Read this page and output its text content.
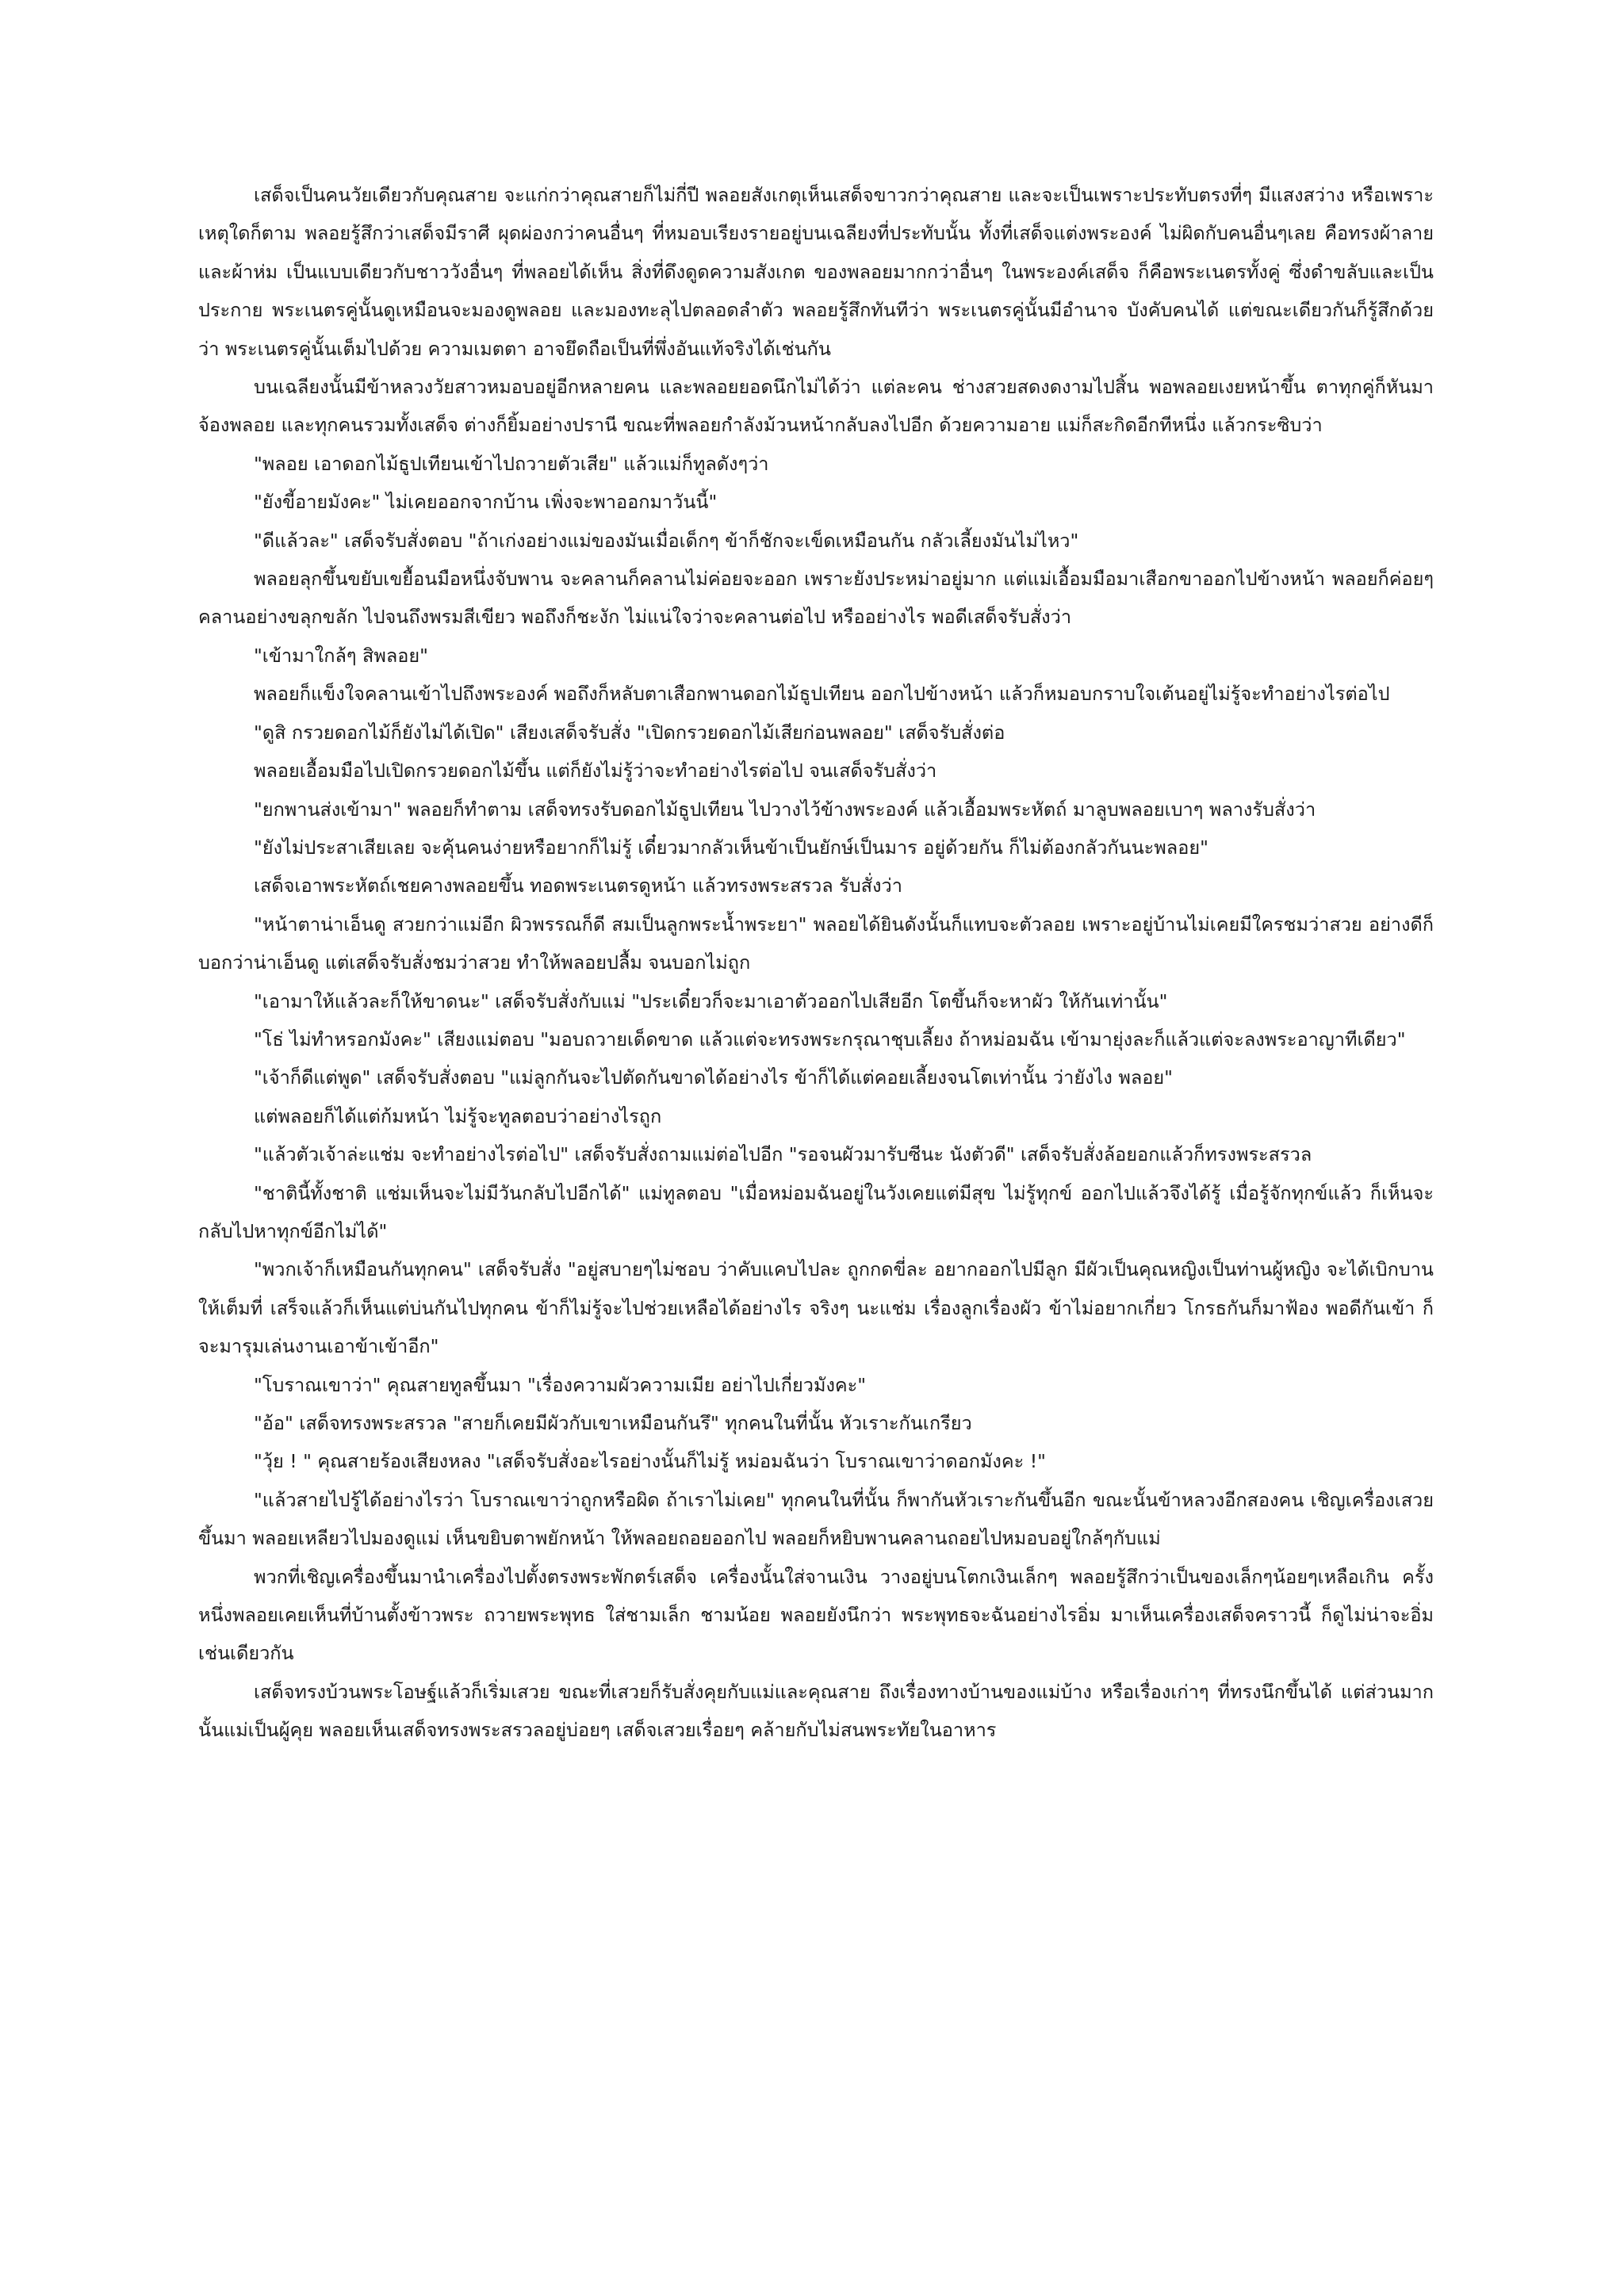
เสด็จเป็นคนวัยเดียวกับคุณสาย จะแก่กว่าคุณสายก็ไม่กี่ปี พลอยสังเกตุเห็นเสด็จขาวกว่าคุณสาย และจะเป็นเพราะประทับตรงที่ๆ มีแสงสว่าง หรือเพราะเหตุใดก็ตาม พลอยรู้สึกว่าเสด็จมีราศี ผุดผ่องกว่าคนอื่นๆ ที่หมอบเรียงรายอยู่บนเฉลียงที่ประทับนั้น ทั้งที่เสด็จแต่งพระองค์ ไม่ผิดกับคนอื่นๆเลย คือทรงผ้าลายและผ้าห่ม เป็นแบบเดียวกับชาววังอื่นๆ ที่พลอยได้เห็น สิ่งที่ดึงดูดความสังเกต ของพลอยมากกว่าอื่นๆ ในพระองค์เสด็จ ก็คือพระเนตรทั้งคู่ ซึ่งดำขลับและเป็นประกาย พระเนตรคู่นั้นดูเหมือนจะมองดูพลอย และมองทะลุไปตลอดลำตัว พลอยรู้สึกทันทีว่า พระเนตรคู่นั้นมีอำนาจ บังคับคนได้ แต่ขณะเดียวกันก็รู้สึกด้วยว่า พระเนตรคู่นั้นเต็มไปด้วย ความเมตตา อาจยึดถือเป็นที่พึ่งอันแท้จริงได้เช่นกัน

บนเฉลียงนั้นมีข้าหลวงวัยสาวหมอบอยู่อีกหลายคน และพลอยยอดนึกไม่ได้ว่า แต่ละคน ช่างสวยสดงดงามไปสิ้น พอพลอยเงยหน้าขึ้น ตาทุกคู่ก็หันมาจ้องพลอย และทุกคนรวมทั้งเสด็จ ต่างก็ยิ้มอย่างปรานี ขณะที่พลอยกำลังม้วนหน้ากลับลงไปอีก ด้วยความอาย แม่ก็สะกิดอีกทีหนึ่ง แล้วกระซิบว่า

"พลอย เอาดอกไม้ธูปเทียนเข้าไปถวายตัวเสีย" แล้วแม่ก็ทูลดังๆว่า

"ยังขี้อายมังคะ" ไม่เคยออกจากบ้าน เพิ่งจะพาออกมาวันนี้"

"ดีแล้วละ" เสด็จรับสั่งตอบ "ถ้าเก่งอย่างแม่ของมันเมื่อเด็กๆ ข้าก็ชักจะเข็ดเหมือนกัน กลัวเลี้ยงมันไม่ไหว"

พลอยลุกขึ้นขยับเขยื้อนมือหนึ่งจับพาน จะคลานก็คลานไม่ค่อยจะออก เพราะยังประหม่าอยู่มาก แต่แม่เอื้อมมือมาเสือกขาออกไปข้างหน้า พลอยก็ค่อยๆคลานอย่างขลุกขลัก ไปจนถึงพรมสีเขียว พอถึงก็ชะงัก ไม่แน่ใจว่าจะคลานต่อไป หรืออย่างไร พอดีเสด็จรับสั่งว่า

"เข้ามาใกล้ๆ สิพลอย"

พลอยก็แข็งใจคลานเข้าไปถึงพระองค์ พอถึงก็หลับตาเสือกพานดอกไม้ธูปเทียน ออกไปข้างหน้า แล้วก็หมอบกราบใจเต้นอยู่ไม่รู้จะทำอย่างไรต่อไป

"ดูสิ กรวยดอกไม้ก็ยังไม่ได้เปิด" เสียงเสด็จรับสั่ง "เปิดกรวยดอกไม้เสียก่อนพลอย" เสด็จรับสั่งต่อ

พลอยเอื้อมมือไปเปิดกรวยดอกไม้ขึ้น แต่ก็ยังไม่รู้ว่าจะทำอย่างไรต่อไป จนเสด็จรับสั่งว่า

"ยกพานส่งเข้ามา" พลอยก็ทำตาม เสด็จทรงรับดอกไม้ธูปเทียน ไปวางไว้ข้างพระองค์ แล้วเอื้อมพระหัตถ์ มาลูบพลอยเบาๆ พลางรับสั่งว่า

"ยังไม่ประสาเสียเลย จะคุ้นคนง่ายหรือยากก็ไม่รู้ เดี๋ยวมากลัวเห็นข้าเป็นยักษ์เป็นมาร อยู่ด้วยกัน ก็ไม่ต้องกลัวกันนะพลอย"

เสด็จเอาพระหัตถ์เชยคางพลอยขึ้น ทอดพระเนตรดูหน้า แล้วทรงพระสรวล รับสั่งว่า

"หน้าตาน่าเอ็นดู สวยกว่าแม่อีก ผิวพรรณก็ดี สมเป็นลูกพระน้ำพระยา" พลอยได้ยินดังนั้นก็แทบจะตัวลอย เพราะอยู่บ้านไม่เคยมีใครชมว่าสวย อย่างดีก็บอกว่าน่าเอ็นดู แต่เสด็จรับสั่งชมว่าสวย ทำให้พลอยปลื้ม จนบอกไม่ถูก

"เอามาให้แล้วละก็ให้ขาดนะ" เสด็จรับสั่งกับแม่ "ประเดี๋ยวก็จะมาเอาตัวออกไปเสียอีก โตขึ้นก็จะหาผัว ให้กันเท่านั้น"

"โธ่ ไม่ทำหรอกมังคะ" เสียงแม่ตอบ "มอบถวายเด็ดขาด แล้วแต่จะทรงพระกรุณาชุบเลี้ยง ถ้าหม่อมฉัน เข้ามายุ่งละก็แล้วแต่จะลงพระอาญาทีเดียว"

"เจ้าก็ดีแต่พูด" เสด็จรับสั่งตอบ "แม่ลูกกันจะไปตัดกันขาดได้อย่างไร ข้าก็ได้แต่คอยเลี้ยงจนโตเท่านั้น ว่ายังไง พลอย"

แต่พลอยก็ได้แต่ก้มหน้า ไม่รู้จะทูลตอบว่าอย่างไรถูก

"แล้วตัวเจ้าล่ะแช่ม จะทำอย่างไรต่อไป" เสด็จรับสั่งถามแม่ต่อไปอีก "รอจนผัวมารับซีนะ นังตัวดี" เสด็จรับสั่งล้อยอกแล้วก็ทรงพระสรวล

"ชาตินี้ทั้งชาติ แช่มเห็นจะไม่มีวันกลับไปอีกได้" แม่ทูลตอบ "เมื่อหม่อมฉันอยู่ในวังเคยแต่มีสุข ไม่รู้ทุกข์ ออกไปแล้วจึงได้รู้ เมื่อรู้จักทุกข์แล้ว ก็เห็นจะกลับไปหาทุกข์อีกไม่ได้"

"พวกเจ้าก็เหมือนกันทุกคน" เสด็จรับสั่ง "อยู่สบายๆไม่ชอบ ว่าคับแคบไปละ ถูกกดขี่ละ อยากออกไปมีลูก มีผัวเป็นคุณหญิงเป็นท่านผู้หญิง จะได้เบิกบานให้เต็มที่ เสร็จแล้วก็เห็นแต่บ่นกันไปทุกคน ข้าก็ไม่รู้จะไปช่วยเหลือได้อย่างไร จริงๆ นะแช่ม เรื่องลูกเรื่องผัว ข้าไม่อยากเกี่ยว โกรธกันก็มาฟ้อง พอดีกันเข้า ก็จะมารุมเล่นงานเอาข้าเข้าอีก"

"โบราณเขาว่า" คุณสายทูลขึ้นมา "เรื่องความผัวความเมีย อย่าไปเกี่ยวมังคะ"

"อ้อ" เสด็จทรงพระสรวล "สายก็เคยมีผัวกับเขาเหมือนกันรึ" ทุกคนในที่นั้น หัวเราะกันเกรียว

"วุ้ย ! " คุณสายร้องเสียงหลง "เสด็จรับสั่งอะไรอย่างนั้นก็ไม่รู้ หม่อมฉันว่า โบราณเขาว่าดอกมังคะ !"

"แล้วสายไปรู้ได้อย่างไรว่า โบราณเขาว่าถูกหรือผิด ถ้าเราไม่เคย" ทุกคนในที่นั้น ก็พากันหัวเราะกันขึ้นอีก ขณะนั้นข้าหลวงอีกสองคน เชิญเครื่องเสวยขึ้นมา พลอยเหลียวไปมองดูแม่ เห็นขยิบตาพยักหน้า ให้พลอยถอยออกไป พลอยก็หยิบพานคลานถอยไปหมอบอยู่ใกล้ๆกับแม่

พวกที่เชิญเครื่องขึ้นมานำเครื่องไปตั้งตรงพระพักตร์เสด็จ เครื่องนั้นใส่จานเงิน วางอยู่บนโตกเงินเล็กๆ พลอยรู้สึกว่าเป็นของเล็กๆน้อยๆเหลือเกิน ครั้งหนึ่งพลอยเคยเห็นที่บ้านตั้งข้าวพระ ถวายพระพุทธ ใส่ชามเล็ก ชามน้อย พลอยยังนึกว่า พระพุทธจะฉันอย่างไรอิ่ม มาเห็นเครื่องเสด็จคราวนี้ ก็ดูไม่น่าจะอิ่มเช่นเดียวกัน

เสด็จทรงบ้วนพระโอษฐ์แล้วก็เริ่มเสวย ขณะที่เสวยก็รับสั่งคุยกับแม่และคุณสาย ถึงเรื่องทางบ้านของแม่บ้าง หรือเรื่องเก่าๆ ที่ทรงนึกขึ้นได้ แต่ส่วนมากนั้นแม่เป็นผู้คุย พลอยเห็นเสด็จทรงพระสรวลอยู่บ่อยๆ เสด็จเสวยเรื่อยๆ คล้ายกับไม่สนพระทัยในอาหาร
